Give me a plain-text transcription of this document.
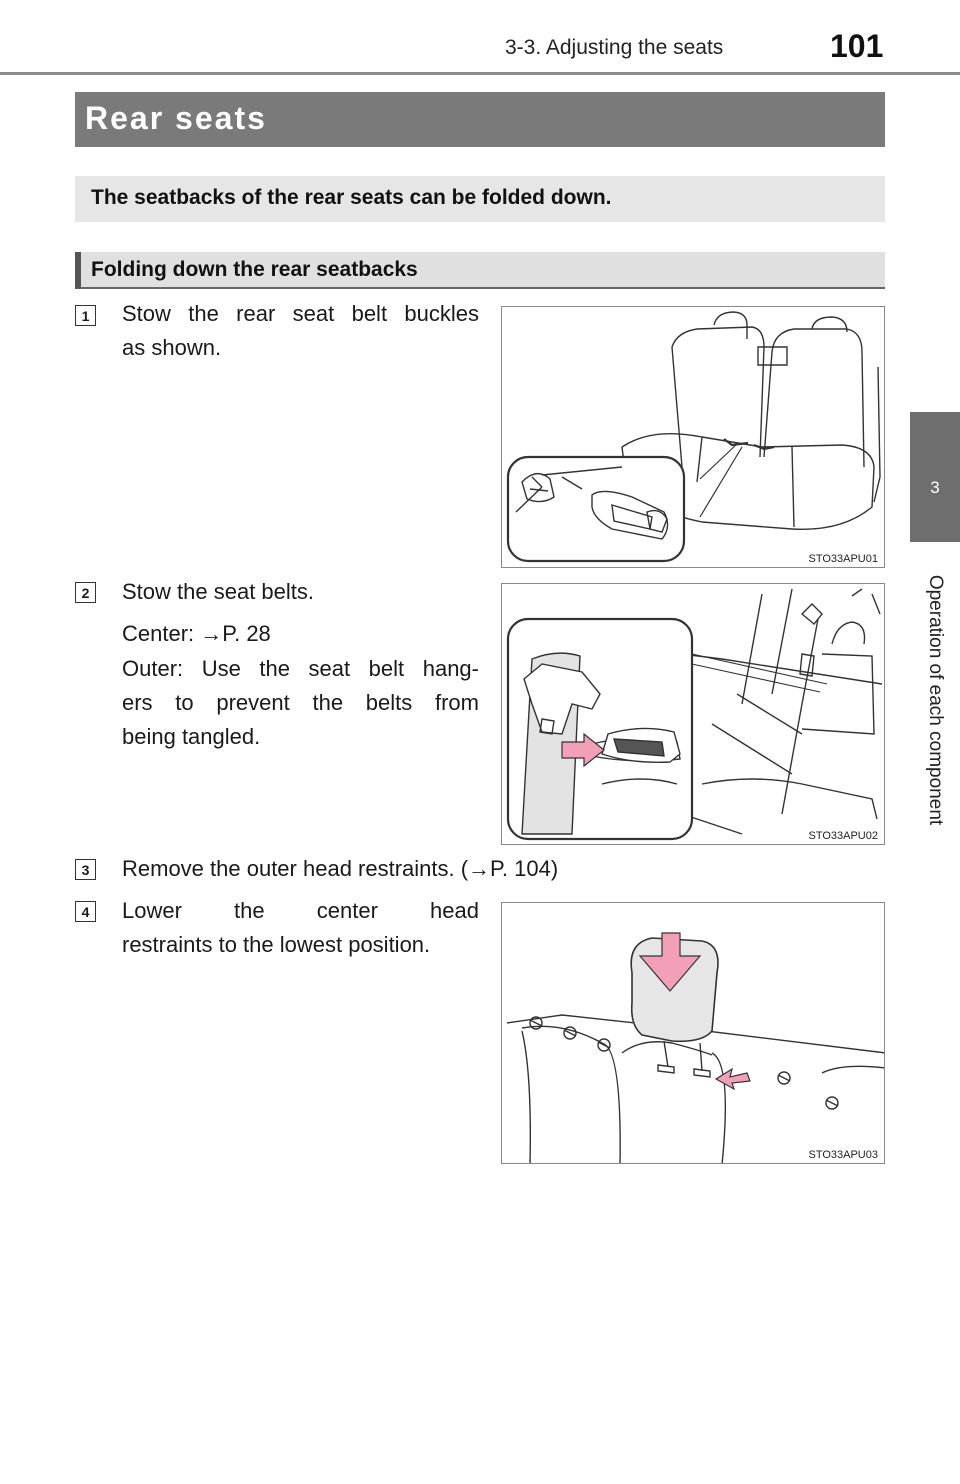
3-3. Adjusting the seats	101
3
Operation of each component
Rear seats
The seatbacks of the rear seats can be folded down.
Folding down the rear seatbacks
1	Stow the rear seat belt buckles
as shown.
STO33APU01
2	Stow the seat belts.
Center: →P. 28
Outer: Use the seat belt hang-
ers to prevent the belts from
being tangled.
STO33APU02
3	Remove the outer head restraints. (→P. 104)
4	Lower the center head
restraints to the lowest position.
STO33APU03
